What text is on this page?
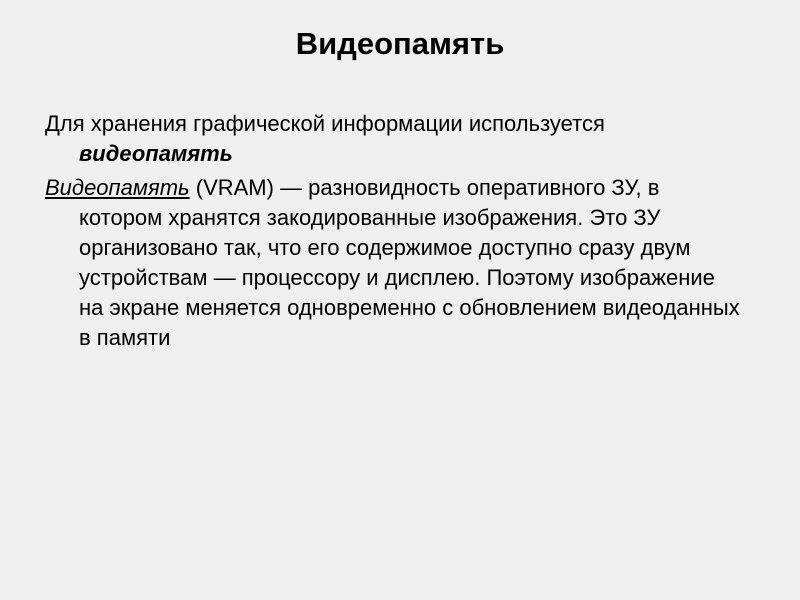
Видеопамять

Для хранения графической информации используется видеопамять

Видеопамять (VRAM) — разновидность оперативного ЗУ, в котором хранятся закодированные изображения. Это ЗУ организовано так, что его содержимое доступно сразу двум устройствам — процессору и дисплею. Поэтому изображение на экране меняется одновременно с обновлением видеоданных в памяти
